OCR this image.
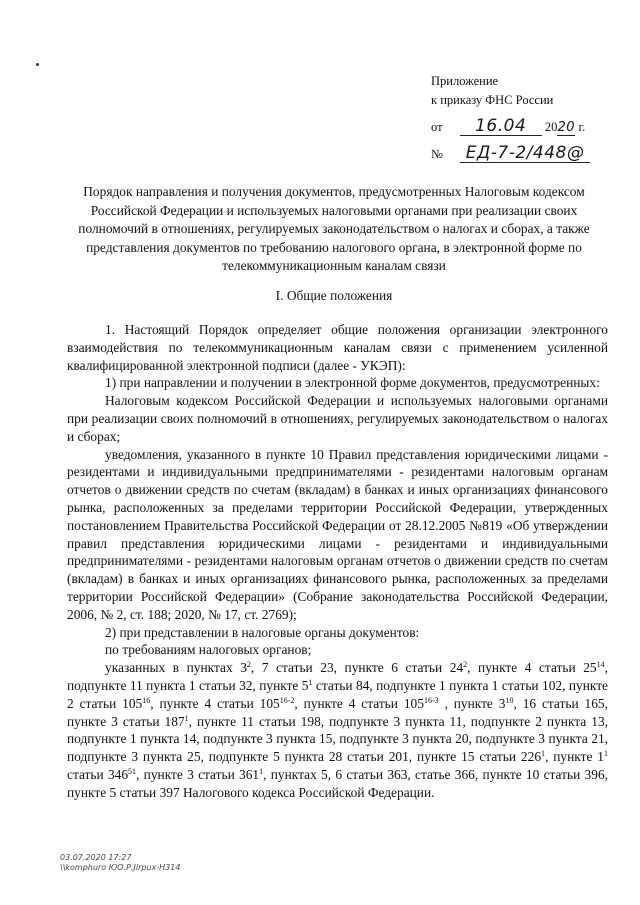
Приложение
к приказу ФНС России
от 16.04 2020 г.
№ ЕД-7-2/448@
Порядок направления и получения документов, предусмотренных Налоговым кодексом Российской Федерации и используемых налоговыми органами при реализации своих полномочий в отношениях, регулируемых законодательством о налогах и сборах, а также представления документов по требованию налогового органа, в электронной форме по телекоммуникационным каналам связи
I. Общие положения

1. Настоящий Порядок определяет общие положения организации электронного взаимодействия по телекоммуникационным каналам связи с применением усиленной квалифицированной электронной подписи (далее - УКЭП):

1) при направлении и получении в электронной форме документов, предусмотренных:

Налоговым кодексом Российской Федерации и используемых налоговыми органами при реализации своих полномочий в отношениях, регулируемых законодательством о налогах и сборах;

уведомления, указанного в пункте 10 Правил представления юридическими лицами - резидентами и индивидуальными предпринимателями - резидентами налоговым органам отчетов о движении средств по счетам (вкладам) в банках и иных организациях финансового рынка, расположенных за пределами территории Российской Федерации, утвержденных постановлением Правительства Российской Федерации от 28.12.2005 №819 «Об утверждении правил представления юридическими лицами - резидентами и индивидуальными предпринимателями - резидентами налоговым органам отчетов о движении средств по счетам (вкладам) в банках и иных организациях финансового рынка, расположенных за пределами территории Российской Федерации» (Собрание законодательства Российской Федерации, 2006, № 2, ст. 188; 2020, № 17, ст. 2769);

2) при представлении в налоговые органы документов:

по требованиям налоговых органов;

указанных в пунктах $3^2$, 7 статьи 23, пункте 6 статьи $24^2$, пункте 4 статьи $25^{14}$, подпункте 11 пункта 1 статьи 32, пункте $5^1$ статьи 84, подпункте 1 пункта 1 статьи 102, пункте 2 статьи $105^{16}$, пункте 4 статьи 105$^{16-2}$, пункте 4 статьи 105$^{16-3}$ , пункте $3^{10}$, 16 статьи 165, пункте 3 статьи $187^1$, пункте 11 статьи 198, подпункте 3 пункта 11, подпункте 2 пункта 13, подпункте 1 пункта 14, подпункте 3 пункта 15, подпункте 3 пункта 20, подпункте 3 пункта 21, подпункте 3 пункта 25, подпункте 5 пункта 28 статьи 201, пункте 15 статьи $226^1$, пункте $1^1$ статьи $346^{51}$, пункте 3 статьи $361^1$, пунктах 5, 6 статьи 363, статье 366, пункте 10 статьи 396, пункте 5 статьи 397 Налогового кодекса Российской Федерации.

03.07.2020 17:27
\\komphuro ЮО.Р.Jirpux-H314
